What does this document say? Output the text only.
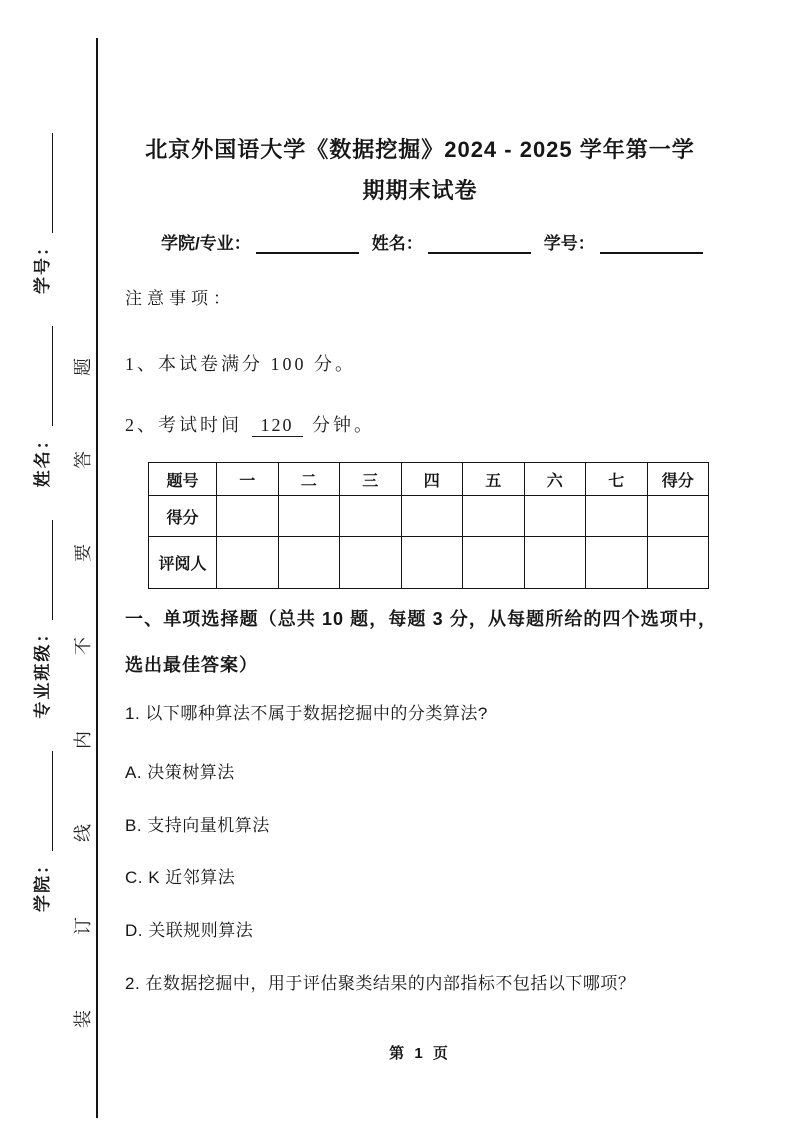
学院：
专业班级：
姓名：
学号：
题
答
要
不
内
线
订
装
北京外国语大学《数据挖掘》2024 - 2025 学年第一学
期期末试卷
学院/专业：	姓名：	学号：
注意事项：
1、本试卷满分 100 分。
2、考试时间 120 分钟。
题号	一	二	三	四	五	六	七	得分
得分								
评阅人								
一、单项选择题（总共 10 题，每题 3 分，从每题所给的四个选项中，选出最佳答案）
1. 以下哪种算法不属于数据挖掘中的分类算法?
A. 决策树算法
B. 支持向量机算法
C. K 近邻算法
D. 关联规则算法
2. 在数据挖掘中，用于评估聚类结果的内部指标不包括以下哪项？
第 1 页
